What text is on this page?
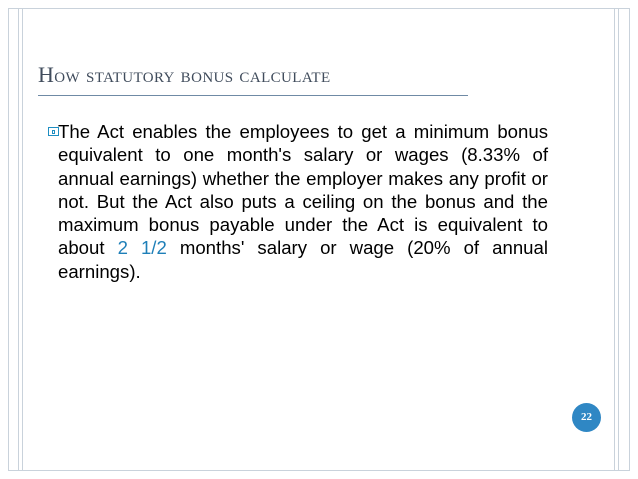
How statutory bonus calculate

The Act enables the employees to get a minimum bonus equivalent to one month's salary or wages (8.33% of annual earnings) whether the employer makes any profit or not. But the Act also puts a ceiling on the bonus and the maximum bonus payable under the Act is equivalent to about 2 1/2 months' salary or wage (20% of annual earnings).

22
